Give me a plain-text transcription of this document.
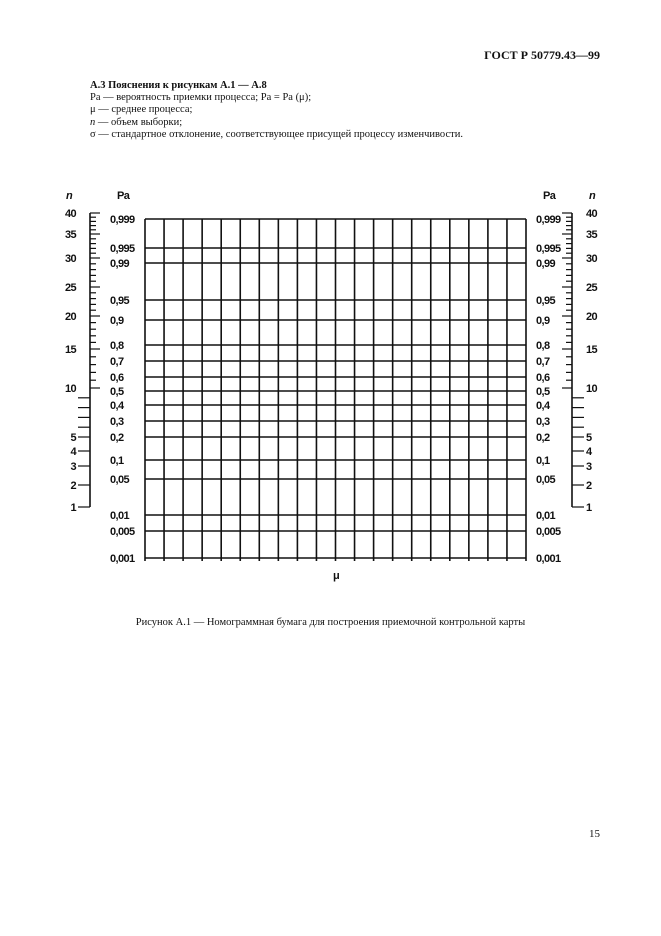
ГОСТ Р 50779.43—99
А.3 Пояснения к рисункам А.1 — А.8
Pa — вероятность приемки процесса; Pa = Pa (μ);
μ — среднее процесса;
n — объем выборки;
σ — стандартное отклонение, соответствующее присущей процессу изменчивости.
0,999	0,999
0,995	0,995
0,99	0,99
0,95	0,95
0,9	0,9
0,8	0,8
0,7	0,7
0,6	0,6
0,5	0,5
0,4	0,4
0,3	0,3
0,2	0,2
0,1	0,1
0,05	0,05
0,01	0,01
0,005	0,005
0,001	0,001
Pa	Pa
n	n
μ
40	40
35	35
30	30
25	25
20	20
15	15
10	10
5	5
4	4
3	3
2	2
1	1
Рисунок А.1 — Номограммная бумага для построения приемочной контрольной карты
15
